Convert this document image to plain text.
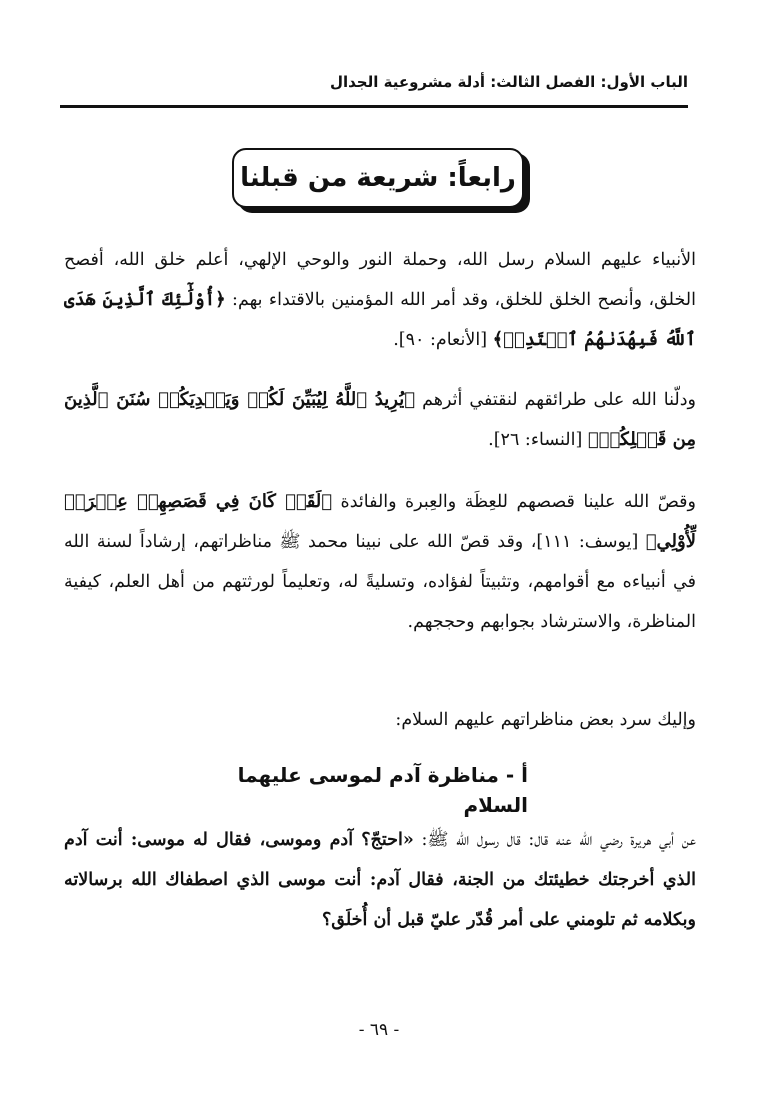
الباب الأول: الفصل الثالث: أدلة مشروعية الجدال
رابعاً: شريعة من قبلنا

الأنبياء عليهم السلام رسل الله، وحملة النور والوحي الإلهي، أعلم خلق الله، أفصح الخلق، وأنصح الخلق للخلق، وقد أمر الله المؤمنين بالاقتداء بهم: ﴿أُوْلَٰٓئِكَ ٱلَّذِينَ هَدَى ٱللَّهُ فَبِهُدَىٰهُمُ ٱقۡتَدِهۡ﴾ [الأنعام: ٩٠].

ودلّنا الله على طرائقهم لنقتفي أثرهم ﴿يُرِيدُ ٱللَّهُ لِيُبَيِّنَ لَكُمۡ وَيَهۡدِيَكُمۡ سُنَنَ ٱلَّذِينَ مِن قَبۡلِكُمۡ﴾ [النساء: ٢٦].

وقصّ الله علينا قصصهم للعِظَة والعِبرة والفائدة ﴿لَقَدۡ كَانَ فِي قَصَصِهِمۡ عِبۡرَةٞ لِّأُوْلِي﴾ [يوسف: ١١١]، وقد قصّ الله على نبينا محمد ﷺ مناظراتهم، إرشاداً لسنة الله في أنبياءه مع أقوامهم، وتثبيتاً لفؤاده، وتسليةً له، وتعليماً لورثتهم من أهل العلم، كيفية المناظرة، والاسترشاد بجوابهم وحججهم.

وإليك سرد بعض مناظراتهم عليهم السلام:

أ - مناظرة آدم لموسى عليهما السلام

عن أبي هريرة رضي الله عنه قال: قال رسول الله ﷺ: «احتجّ؟ آدم وموسى، فقال له موسى: أنت آدم الذي أخرجتك خطيئتك من الجنة، فقال آدم: أنت موسى الذي اصطفاك الله برسالاته وبكلامه ثم تلومني على أمر قُدّر عليّ قبل أن أُخلَق؟

- ٦٩ -
